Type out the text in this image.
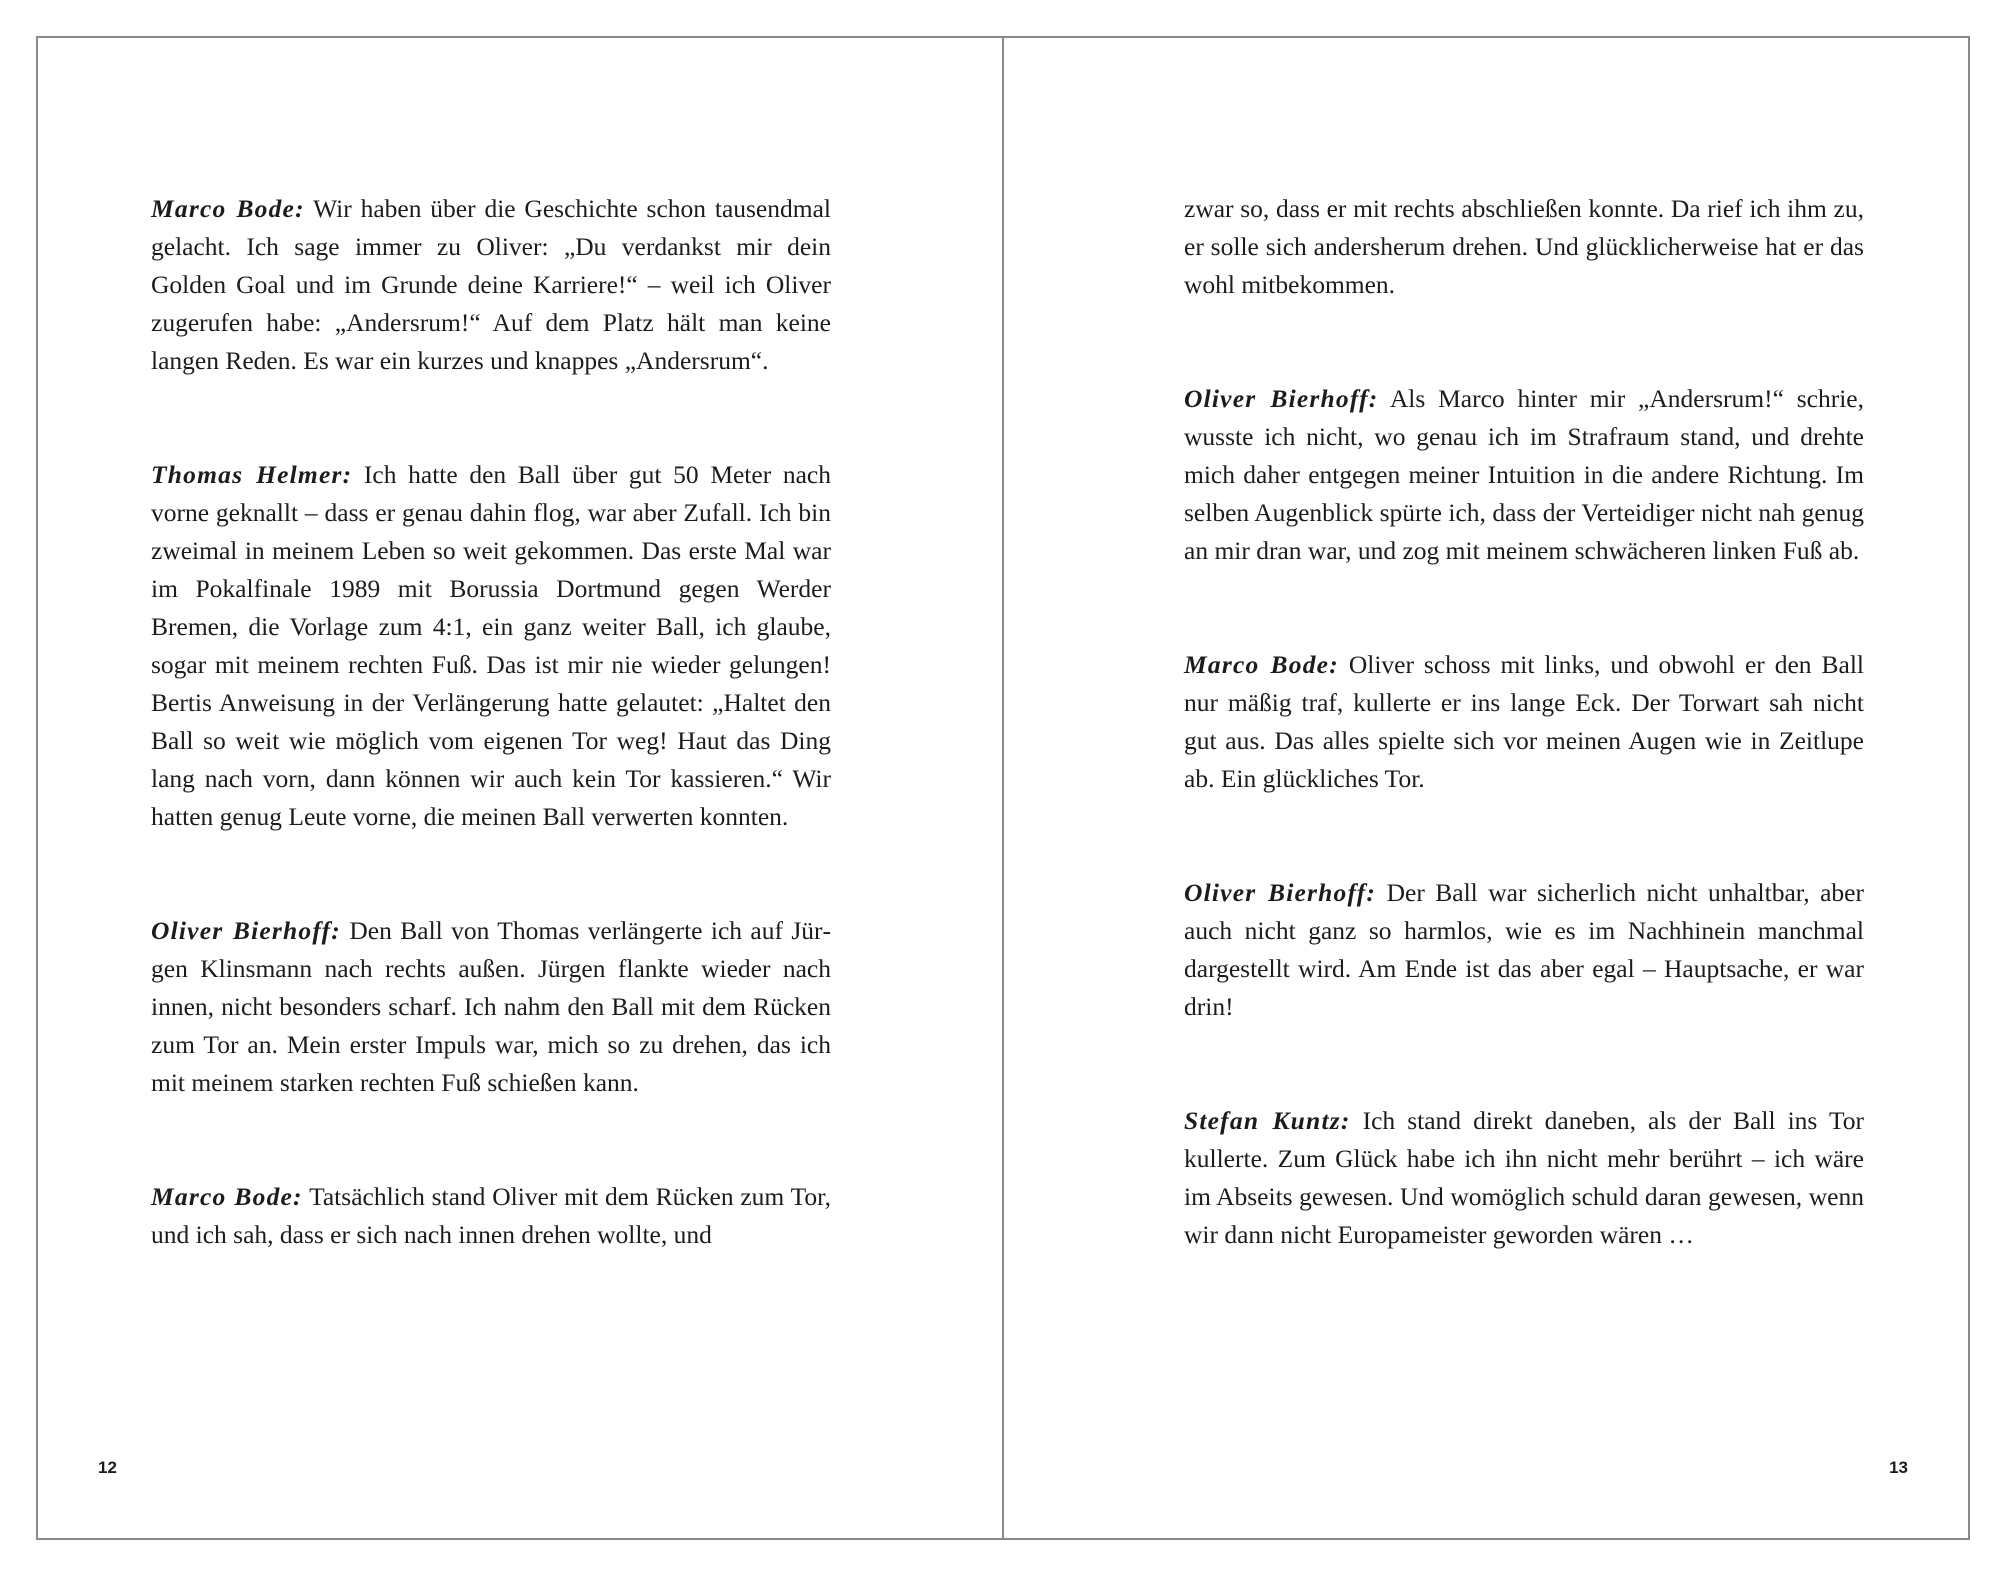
Marco Bode: Wir haben über die Geschichte schon tausendmal gelacht. Ich sage immer zu Oliver: „Du verdankst mir dein Golden Goal und im Grunde deine Karriere!“ – weil ich Oliver zugerufen habe: „Andersrum!“ Auf dem Platz hält man keine langen Reden. Es war ein kurzes und knappes „Andersrum“.

Thomas Helmer: Ich hatte den Ball über gut 50 Meter nach vorne geknallt – dass er genau dahin flog, war aber Zufall. Ich bin zweimal in meinem Leben so weit gekommen. Das erste Mal war im Pokalfinale 1989 mit Borussia Dortmund gegen Werder Bremen, die Vorlage zum 4:1, ein ganz weiter Ball, ich glaube, sogar mit meinem rechten Fuß. Das ist mir nie wieder gelungen! Bertis Anweisung in der Verlängerung hatte gelautet: „Haltet den Ball so weit wie möglich vom eigenen Tor weg! Haut das Ding lang nach vorn, dann können wir auch kein Tor kassieren.“ Wir hatten genug Leute vorne, die meinen Ball verwerten konnten.

Oliver Bierhoff: Den Ball von Thomas verlängerte ich auf Jürgen Klinsmann nach rechts außen. Jürgen flankte wieder nach innen, nicht besonders scharf. Ich nahm den Ball mit dem Rücken zum Tor an. Mein erster Impuls war, mich so zu drehen, das ich mit meinem starken rechten Fuß schießen kann.

Marco Bode: Tatsächlich stand Oliver mit dem Rücken zum Tor, und ich sah, dass er sich nach innen drehen wollte, und

12

zwar so, dass er mit rechts abschließen konnte. Da rief ich ihm zu, er solle sich andersherum drehen. Und glücklicherweise hat er das wohl mitbekommen.

Oliver Bierhoff: Als Marco hinter mir „Andersrum!“ schrie, wusste ich nicht, wo genau ich im Strafraum stand, und drehte mich daher entgegen meiner Intuition in die andere Richtung. Im selben Augenblick spürte ich, dass der Verteidiger nicht nah genug an mir dran war, und zog mit meinem schwächeren linken Fuß ab.

Marco Bode: Oliver schoss mit links, und obwohl er den Ball nur mäßig traf, kullerte er ins lange Eck. Der Torwart sah nicht gut aus. Das alles spielte sich vor meinen Augen wie in Zeitlupe ab. Ein glückliches Tor.

Oliver Bierhoff: Der Ball war sicherlich nicht unhaltbar, aber auch nicht ganz so harmlos, wie es im Nachhinein manchmal dargestellt wird. Am Ende ist das aber egal – Hauptsache, er war drin!

Stefan Kuntz: Ich stand direkt daneben, als der Ball ins Tor kullerte. Zum Glück habe ich ihn nicht mehr berührt – ich wäre im Abseits gewesen. Und womöglich schuld daran gewesen, wenn wir dann nicht Europameister geworden wären …

13
